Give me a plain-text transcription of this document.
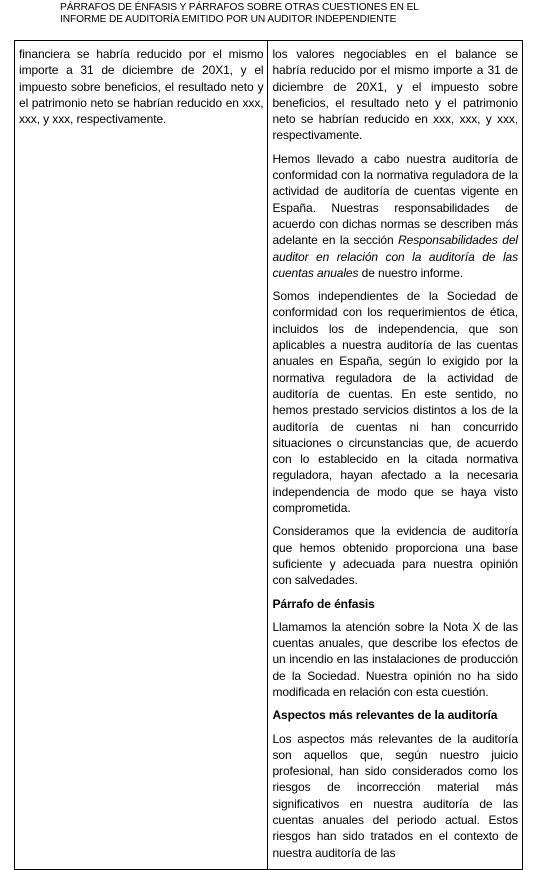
PÁRRAFOS DE ÉNFASIS Y PÁRRAFOS SOBRE OTRAS CUESTIONES EN EL
INFORME DE AUDITORÍA EMITIDO POR UN AUDITOR INDEPENDIENTE

financiera se habría reducido por el mismo importe a 31 de diciembre de 20X1, y el impuesto sobre beneficios, el resultado neto y el patrimonio neto se habrían reducido en xxx, xxx, y xxx, respectivamente.

los valores negociables en el balance se habría reducido por el mismo importe a 31 de diciembre de 20X1, y el impuesto sobre beneficios, el resultado neto y el patrimonio neto se habrían reducido en xxx, xxx, y xxx, respectivamente.

Hemos llevado a cabo nuestra auditoría de conformidad con la normativa reguladora de la actividad de auditoría de cuentas vigente en España. Nuestras responsabilidades de acuerdo con dichas normas se describen más adelante en la sección Responsabilidades del auditor en relación con la auditoría de las cuentas anuales de nuestro informe.

Somos independientes de la Sociedad de conformidad con los requerimientos de ética, incluidos los de independencia, que son aplicables a nuestra auditoría de las cuentas anuales en España, según lo exigido por la normativa reguladora de la actividad de auditoría de cuentas. En este sentido, no hemos prestado servicios distintos a los de la auditoría de cuentas ni han concurrido situaciones o circunstancias que, de acuerdo con lo establecido en la citada normativa reguladora, hayan afectado a la necesaria independencia de modo que se haya visto comprometida.

Consideramos que la evidencia de auditoría que hemos obtenido proporciona una base suficiente y adecuada para nuestra opinión con salvedades.

Párrafo de énfasis

Llamamos la atención sobre la Nota X de las cuentas anuales, que describe los efectos de un incendio en las instalaciones de producción de la Sociedad. Nuestra opinión no ha sido modificada en relación con esta cuestión.

Aspectos más relevantes de la auditoría

Los aspectos más relevantes de la auditoría son aquellos que, según nuestro juicio profesional, han sido considerados como los riesgos de incorrección material más significativos en nuestra auditoría de las cuentas anuales del periodo actual. Estos riesgos han sido tratados en el contexto de nuestra auditoría de las
